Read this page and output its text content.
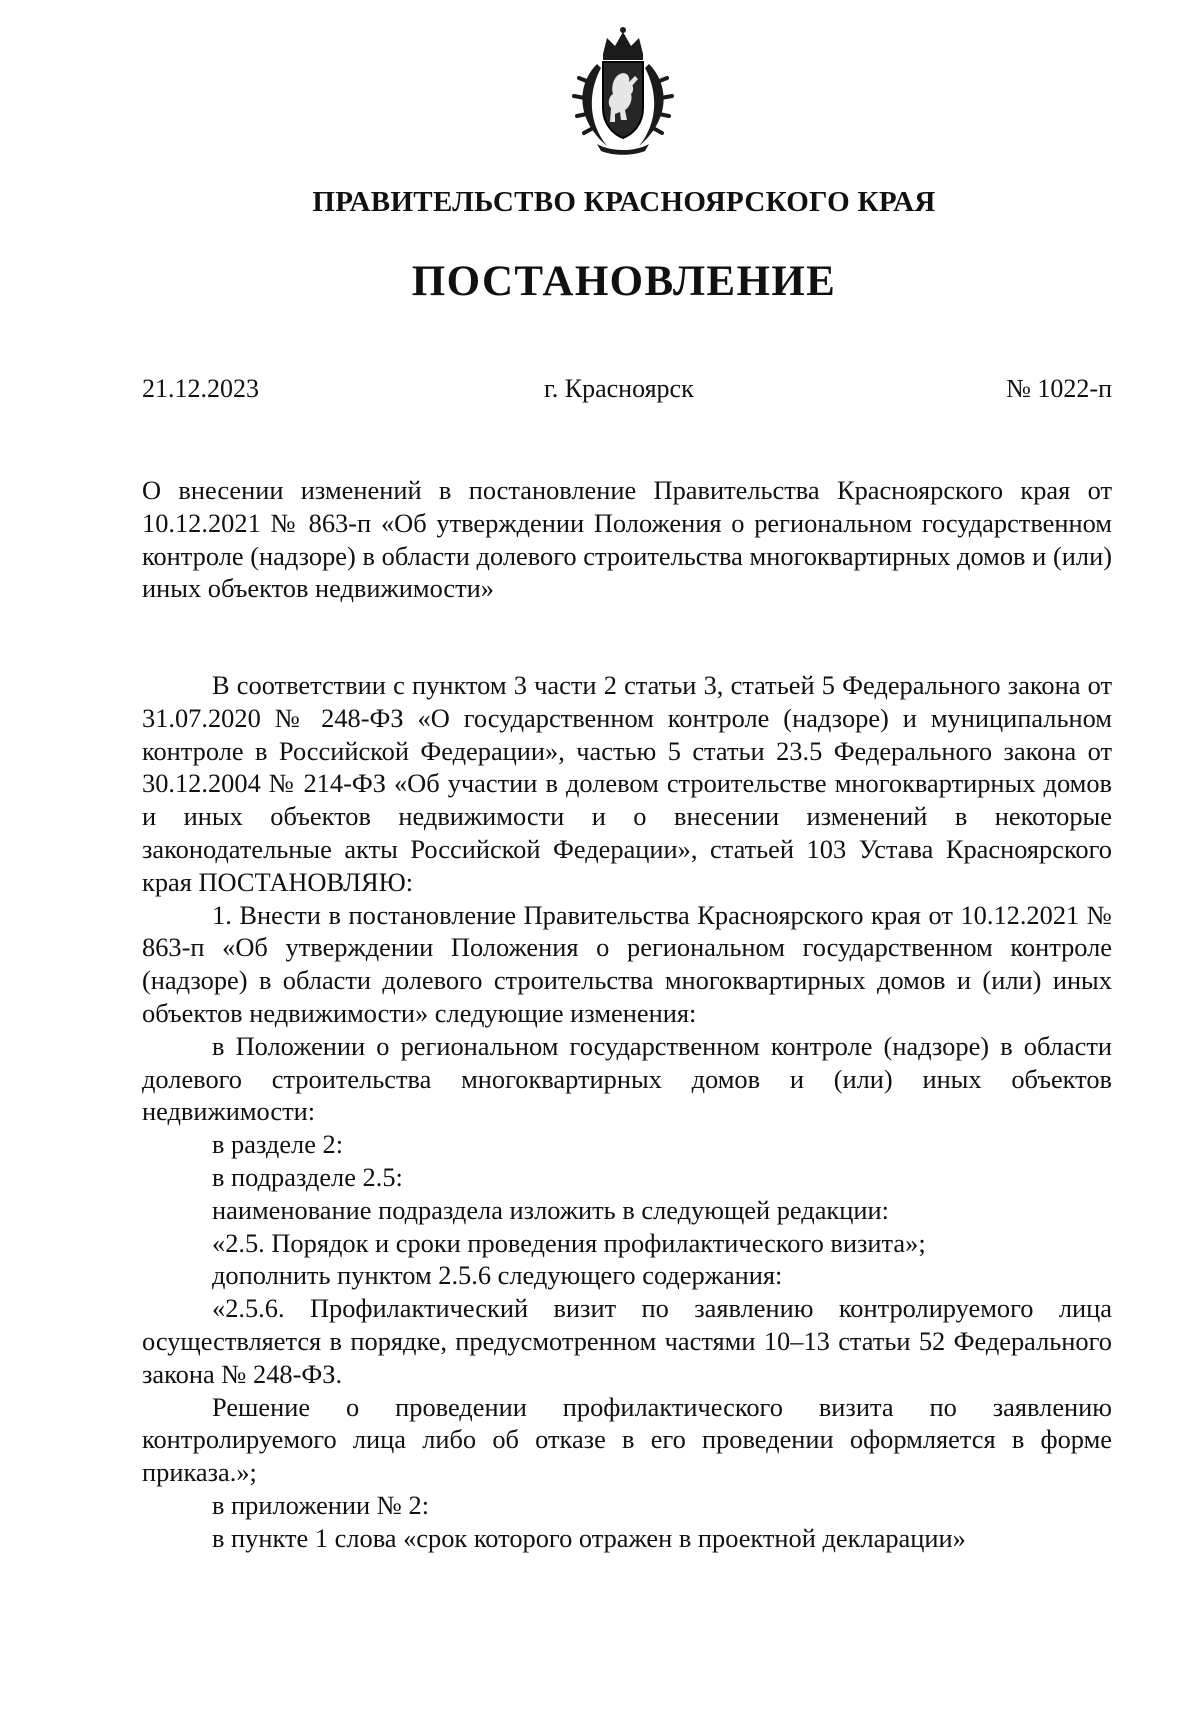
ПРАВИТЕЛЬСТВО КРАСНОЯРСКОГО КРАЯ
ПОСТАНОВЛЕНИЕ
21.12.2023	г. Красноярск	№ 1022-п
О внесении изменений в постановление Правительства Красноярского края от 10.12.2021 № 863-п «Об утверждении Положения о региональном государственном контроле (надзоре) в области долевого строительства многоквартирных домов и (или) иных объектов недвижимости»

В соответствии с пунктом 3 части 2 статьи 3, статьей 5 Федерального закона от 31.07.2020 № 248-ФЗ «О государственном контроле (надзоре) и муниципальном контроле в Российской Федерации», частью 5 статьи 23.5 Федерального закона от 30.12.2004 № 214-ФЗ «Об участии в долевом строительстве многоквартирных домов и иных объектов недвижимости и о внесении изменений в некоторые законодательные акты Российской Федерации», статьей 103 Устава Красноярского края ПОСТАНОВЛЯЮ:

1. Внести в постановление Правительства Красноярского края от 10.12.2021 № 863-п «Об утверждении Положения о региональном государственном контроле (надзоре) в области долевого строительства многоквартирных домов и (или) иных объектов недвижимости» следующие изменения:

в Положении о региональном государственном контроле (надзоре) в области долевого строительства многоквартирных домов и (или) иных объектов недвижимости:

в разделе 2:

в подразделе 2.5:

наименование подраздела изложить в следующей редакции:

«2.5. Порядок и сроки проведения профилактического визита»;

дополнить пунктом 2.5.6 следующего содержания:

«2.5.6. Профилактический визит по заявлению контролируемого лица осуществляется в порядке, предусмотренном частями 10–13 статьи 52 Федерального закона № 248-ФЗ.

Решение о проведении профилактического визита по заявлению контролируемого лица либо об отказе в его проведении оформляется в форме приказа.»;

в приложении № 2:

в пункте 1 слова «срок которого отражен в проектной декларации»
